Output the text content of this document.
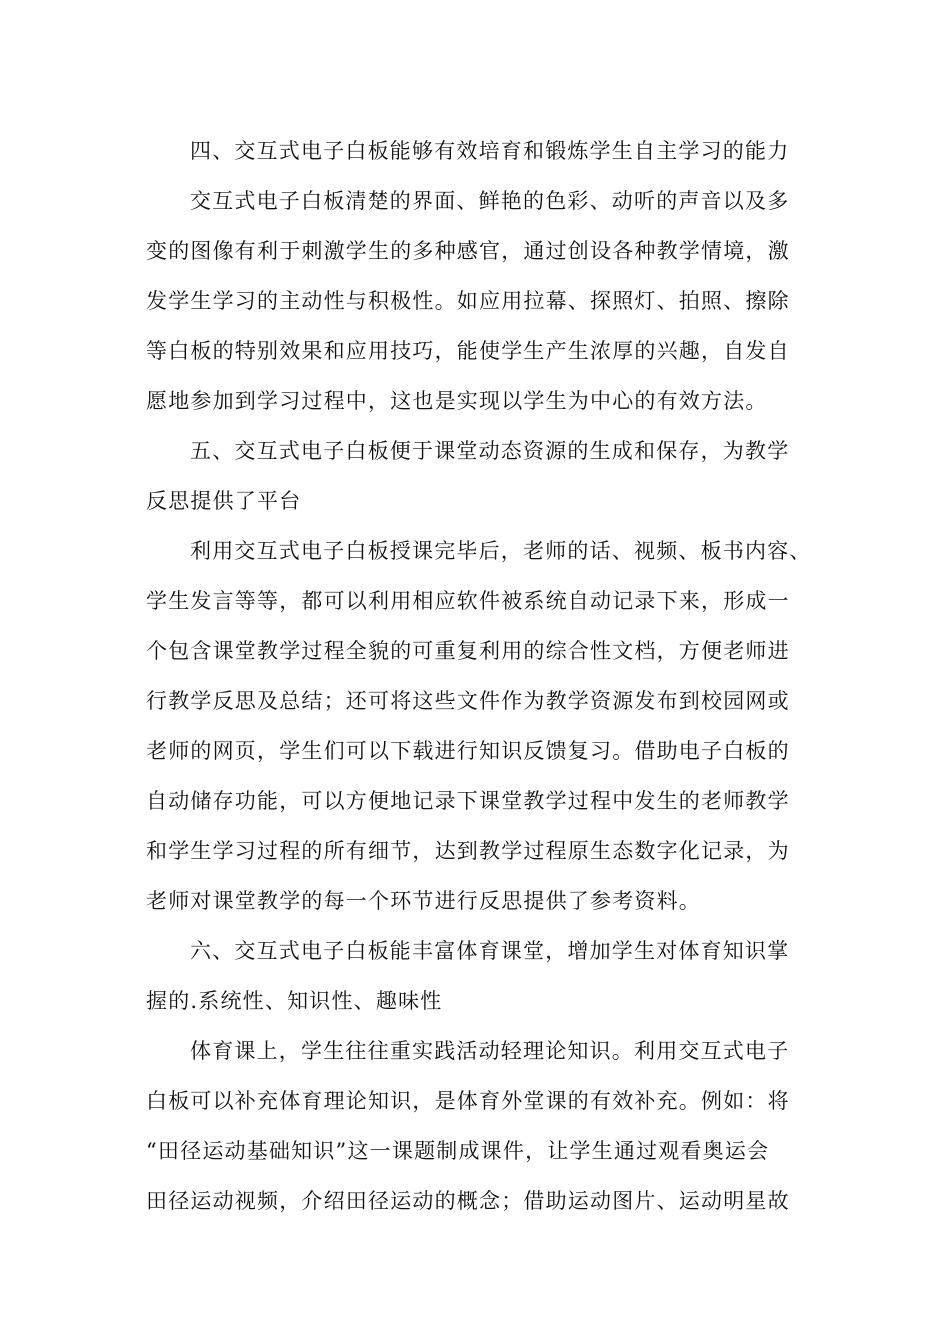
四、交互式电子白板能够有效培育和锻炼学生自主学习的能力
交互式电子白板清楚的界面、鲜艳的色彩、动听的声音以及多
变的图像有利于刺激学生的多种感官，通过创设各种教学情境，激
发学生学习的主动性与积极性。如应用拉幕、探照灯、拍照、擦除
等白板的特别效果和应用技巧，能使学生产生浓厚的兴趣，自发自
愿地参加到学习过程中，这也是实现以学生为中心的有效方法。
五、交互式电子白板便于课堂动态资源的生成和保存，为教学
反思提供了平台
利用交互式电子白板授课完毕后，老师的话、视频、板书内容、
学生发言等等，都可以利用相应软件被系统自动记录下来，形成一
个包含课堂教学过程全貌的可重复利用的综合性文档，方便老师进
行教学反思及总结；还可将这些文件作为教学资源发布到校园网或
老师的网页，学生们可以下载进行知识反馈复习。借助电子白板的
自动储存功能，可以方便地记录下课堂教学过程中发生的老师教学
和学生学习过程的所有细节，达到教学过程原生态数字化记录，为
老师对课堂教学的每一个环节进行反思提供了参考资料。
六、交互式电子白板能丰富体育课堂，增加学生对体育知识掌
握的.系统性、知识性、趣味性
体育课上，学生往往重实践活动轻理论知识。利用交互式电子
白板可以补充体育理论知识，是体育外堂课的有效补充。例如：将
“田径运动基础知识”这一课题制成课件，让学生通过观看奥运会
田径运动视频，介绍田径运动的概念；借助运动图片、运动明星故
